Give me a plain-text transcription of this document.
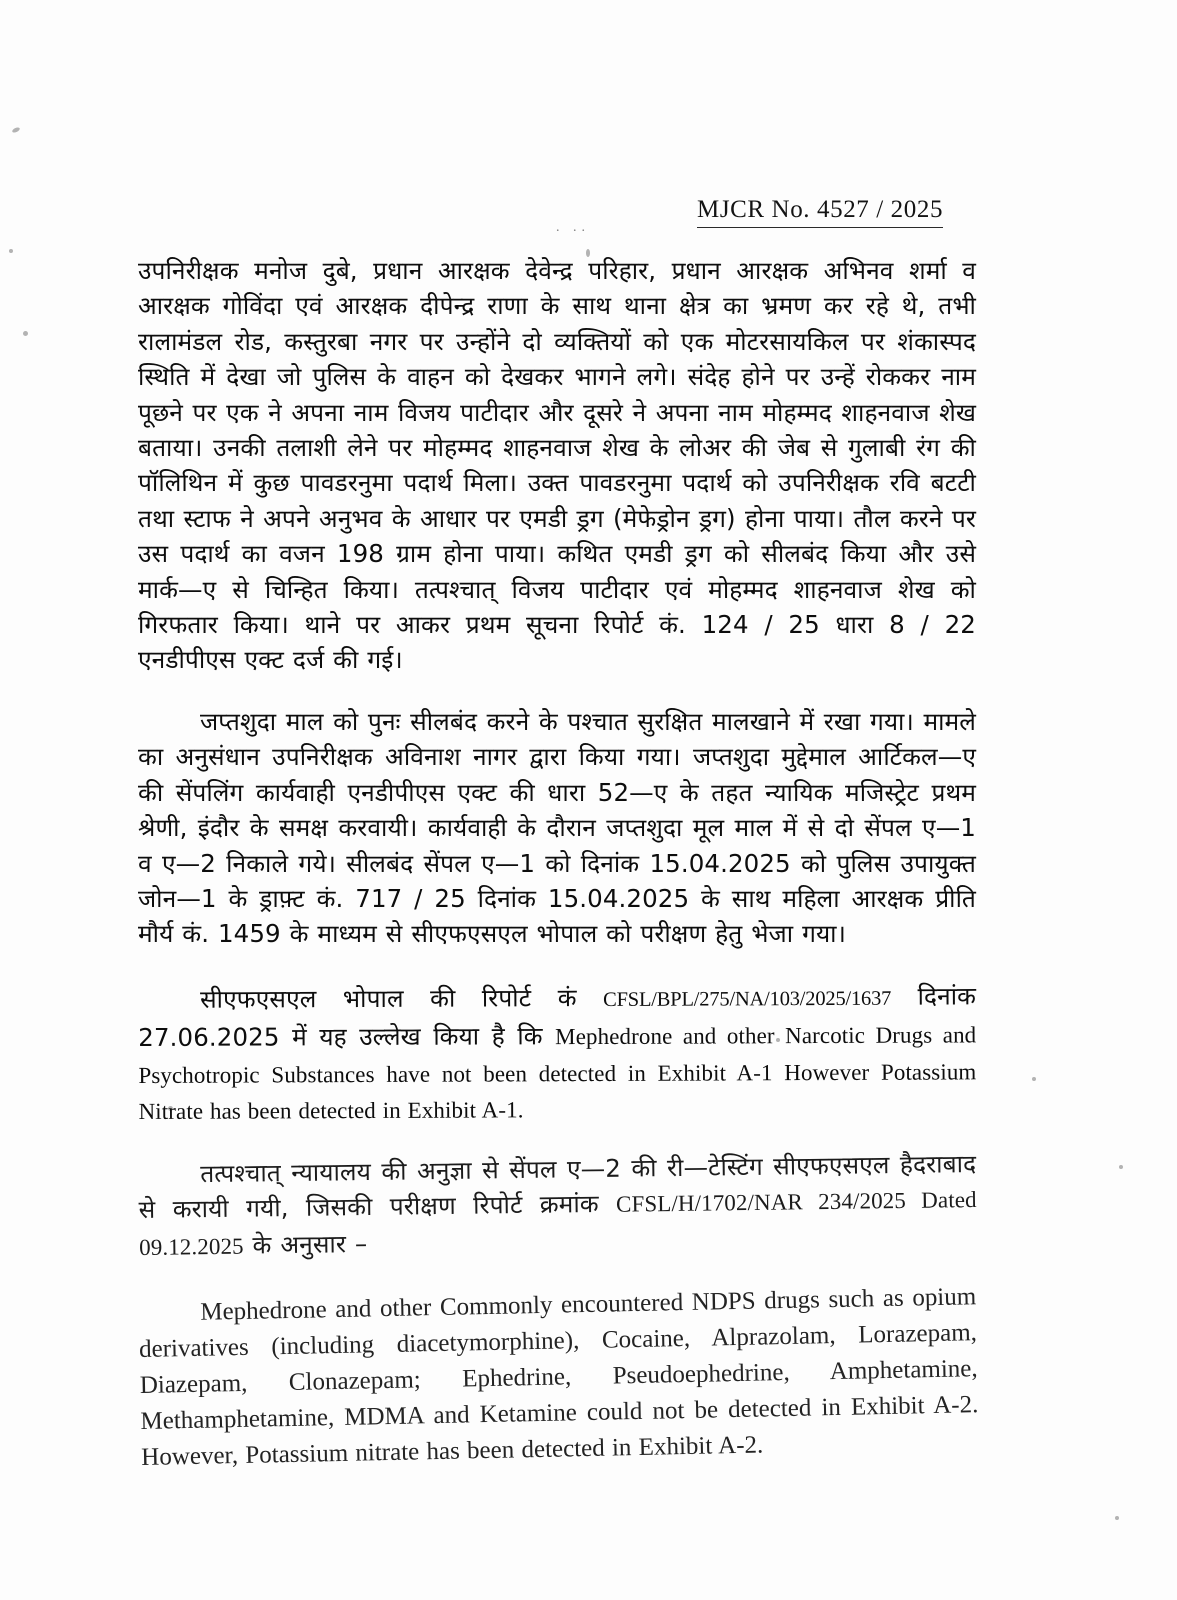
. ..
MJCR No. 4527 / 2025

उपनिरीक्षक मनोज दुबे, प्रधान आरक्षक देवेन्द्र परिहार, प्रधान आरक्षक अभिनव शर्मा व आरक्षक गोविंदा एवं आरक्षक दीपेन्द्र राणा के साथ थाना क्षेत्र का भ्रमण कर रहे थे, तभी रालामंडल रोड, कस्तुरबा नगर पर उन्होंने दो व्यक्तियों को एक मोटरसायकिल पर शंकास्पद स्थिति में देखा जो पुलिस के वाहन को देखकर भागने लगे। संदेह होने पर उन्हें रोककर नाम पूछने पर एक ने अपना नाम विजय पाटीदार और दूसरे ने अपना नाम मोहम्मद शाहनवाज शेख बताया। उनकी तलाशी लेने पर मोहम्मद शाहनवाज शेख के लोअर की जेब से गुलाबी रंग की पॉलिथिन में कुछ पावडरनुमा पदार्थ मिला। उक्त पावडरनुमा पदार्थ को उपनिरीक्षक रवि बटटी तथा स्टाफ ने अपने अनुभव के आधार पर एमडी ड्रग (मेफेड्रोन ड्रग) होना पाया। तौल करने पर उस पदार्थ का वजन 198 ग्राम होना पाया। कथित एमडी ड्रग को सीलबंद किया और उसे मार्क—ए से चिन्हित किया। तत्पश्चात् विजय पाटीदार एवं मोहम्मद शाहनवाज शेख को गिरफतार किया। थाने पर आकर प्रथम सूचना रिपोर्ट कं. 124 / 25 धारा 8 / 22 एनडीपीएस एक्ट दर्ज की गई।

जप्तशुदा माल को पुनः सीलबंद करने के पश्चात सुरक्षित मालखाने में रखा गया। मामले का अनुसंधान उपनिरीक्षक अविनाश नागर द्वारा किया गया। जप्तशुदा मुद्देमाल आर्टिकल—ए की सेंपलिंग कार्यवाही एनडीपीएस एक्ट की धारा 52—ए के तहत न्यायिक मजिस्ट्रेट प्रथम श्रेणी, इंदौर के समक्ष करवायी। कार्यवाही के दौरान जप्तशुदा मूल माल में से दो सेंपल ए—1 व ए—2 निकाले गये। सीलबंद सेंपल ए—1 को दिनांक 15.04.2025 को पुलिस उपायुक्त जोन—1 के ड्राफ़्ट कं. 717 / 25 दिनांक 15.04.2025 के साथ महिला आरक्षक प्रीति मौर्य कं. 1459 के माध्यम से सीएफएसएल भोपाल को परीक्षण हेतु भेजा गया।

सीएफएसएल भोपाल की रिपोर्ट कं CFSL/BPL/275/NA/103/2025/1637 दिनांक 27.06.2025 में यह उल्लेख किया है कि Mephedrone and other Narcotic Drugs and Psychotropic Substances have not been detected in Exhibit A-1 However Potassium Nitrate has been detected in Exhibit A-1.

तत्पश्चात् न्यायालय की अनुज्ञा से सेंपल ए—2 की री—टेस्टिंग सीएफएसएल हैदराबाद से करायी गयी, जिसकी परीक्षण रिपोर्ट क्रमांक CFSL/H/1702/NAR 234/2025 Dated 09.12.2025 के अनुसार –

Mephedrone and other Commonly encountered NDPS drugs such as opium derivatives (including diacetymorphine), Cocaine, Alprazolam, Lorazepam, Diazepam, Clonazepam; Ephedrine, Pseudoephedrine, Amphetamine, Methamphetamine, MDMA and Ketamine could not be detected in Exhibit A-2. However, Potassium nitrate has been detected in Exhibit A-2.
